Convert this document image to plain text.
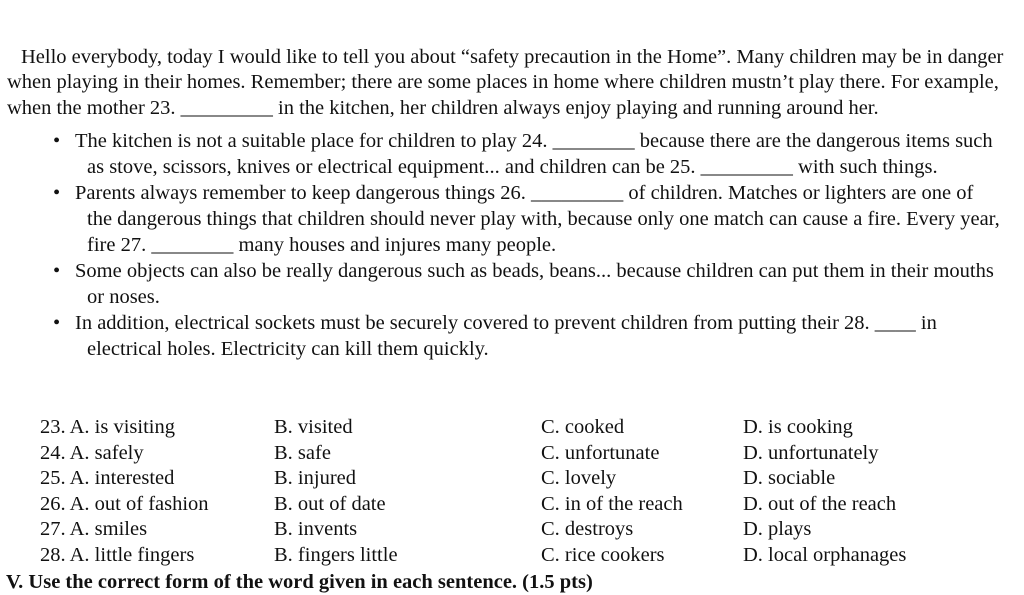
Hello everybody, today I would like to tell you about “safety precaution in the Home”. Many children may be in danger when playing in their homes. Remember; there are some places in home where children mustn’t play there. For example, when the mother 23. _________ in the kitchen, her children always enjoy playing and running around her.

• The kitchen is not a suitable place for children to play 24. ________ because there are the dangerous items such as stove, scissors, knives or electrical equipment... and children can be 25. _________ with such things.
• Parents always remember to keep dangerous things 26. _________ of children. Matches or lighters are one of the dangerous things that children should never play with, because only one match can cause a fire. Every year, fire 27. ________ many houses and injures many people.
• Some objects can also be really dangerous such as beads, beans... because children can put them in their mouths or noses.
• In addition, electrical sockets must be securely covered to prevent children from putting their 28. ____ in electrical holes. Electricity can kill them quickly.
23. A. is visiting	B. visited	C. cooked	D. is cooking
24. A. safely	B. safe	C. unfortunate	D. unfortunately
25. A. interested	B. injured	C. lovely	D. sociable
26. A. out of fashion	B. out of date	C. in of the reach	D. out of the reach
27. A. smiles	B. invents	C. destroys	D. plays
28. A. little fingers	B. fingers little	C. rice cookers	D. local orphanages
V. Use the correct form of the word given in each sentence. (1.5 pts)
